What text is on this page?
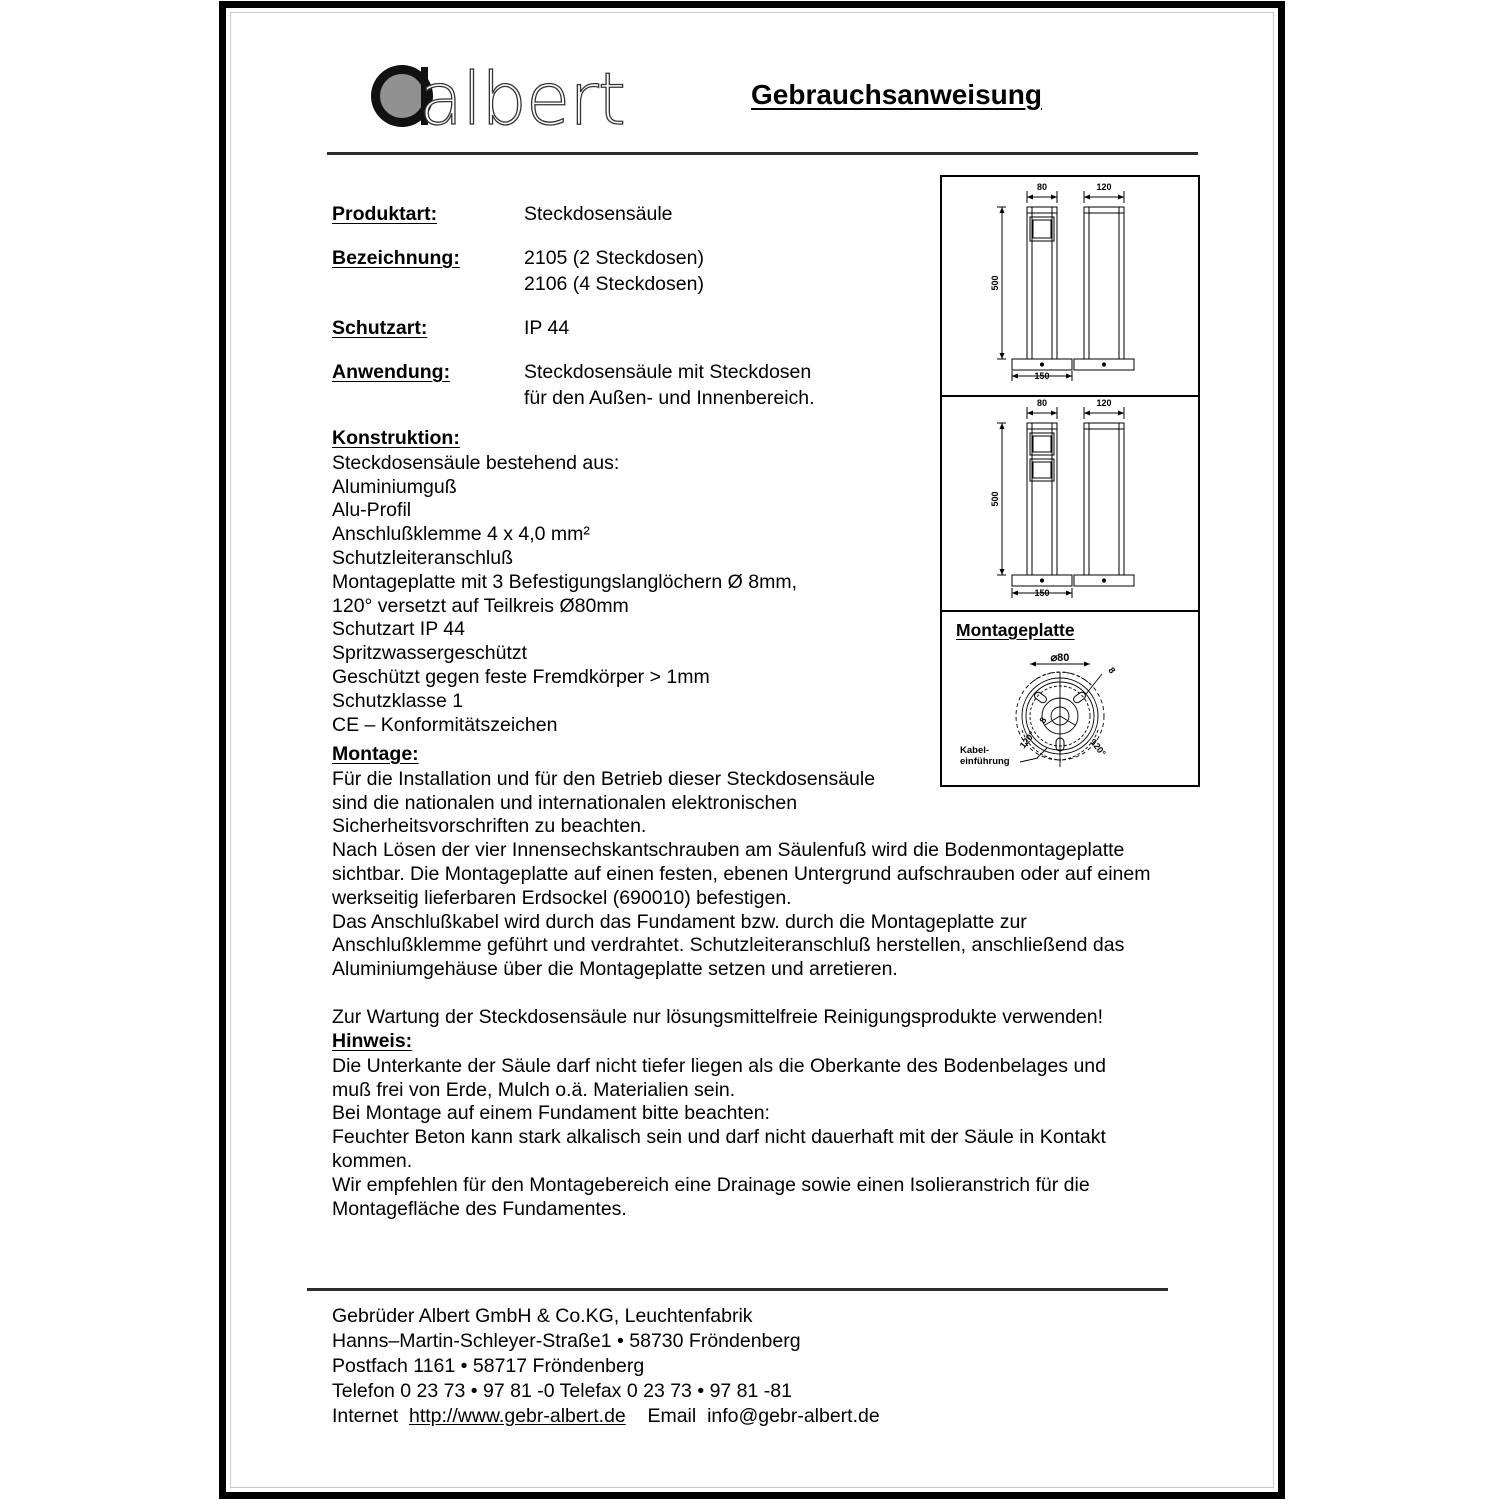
albert	Gebrauchsanweisung
Produktart:	Steckdosensäule
Bezeichnung:	2105 (2 Steckdosen)
2106 (4 Steckdosen)
Schutzart:	IP 44
Anwendung:	Steckdosensäule mit Steckdosen
für den Außen- und Innenbereich.
Konstruktion:
Steckdosensäule bestehend aus:
Aluminiumguß
Alu-Profil
Anschlußklemme 4 x 4,0 mm²
Schutzleiteranschluß
Montageplatte mit 3 Befestigungslanglöchern Ø 8mm,
120° versetzt auf Teilkreis Ø80mm
Schutzart IP 44
Spritzwassergeschützt
Geschützt gegen feste Fremdkörper > 1mm
Schutzklasse 1
CE – Konformitätszeichen
Montage:
Für die Installation und für den Betrieb dieser Steckdosensäule
sind die nationalen und internationalen elektronischen
Sicherheitsvorschriften zu beachten.
Nach Lösen der vier Innensechskantschrauben am Säulenfuß wird die Bodenmontageplatte
sichtbar. Die Montageplatte auf einen festen, ebenen Untergrund aufschrauben oder auf einem
werkseitig lieferbaren Erdsockel (690010) befestigen.
Das Anschlußkabel wird durch das Fundament bzw. durch die Montageplatte zur
Anschlußklemme geführt und verdrahtet. Schutzleiteranschluß herstellen, anschließend das
Aluminiumgehäuse über die Montageplatte setzen und arretieren.
Zur Wartung der Steckdosensäule nur lösungsmittelfreie Reinigungsprodukte verwenden!
Hinweis:
Die Unterkante der Säule darf nicht tiefer liegen als die Oberkante des Bodenbelages und
muß frei von Erde, Mulch o.ä. Materialien sein.
Bei Montage auf einem Fundament bitte beachten:
Feuchter Beton kann stark alkalisch sein und darf nicht dauerhaft mit der Säule in Kontakt
kommen.
Wir empfehlen für den Montagebereich eine Drainage sowie einen Isolieranstrich für die
Montagefläche des Fundamentes.
Gebrüder Albert GmbH & Co.KG, Leuchtenfabrik
Hanns–Martin-Schleyer-Straße1 • 58730 Fröndenberg
Postfach 1161 • 58717 Fröndenberg
Telefon 0 23 73 • 97 81 -0 Telefax 0 23 73 • 97 81 -81
Internet http://www.gebr-albert.de Email info@gebr-albert.de
80	120
150
500
80	120
150
500
Montageplatte
⌀80
8
8
120°	120°
Kabel-
einführung
